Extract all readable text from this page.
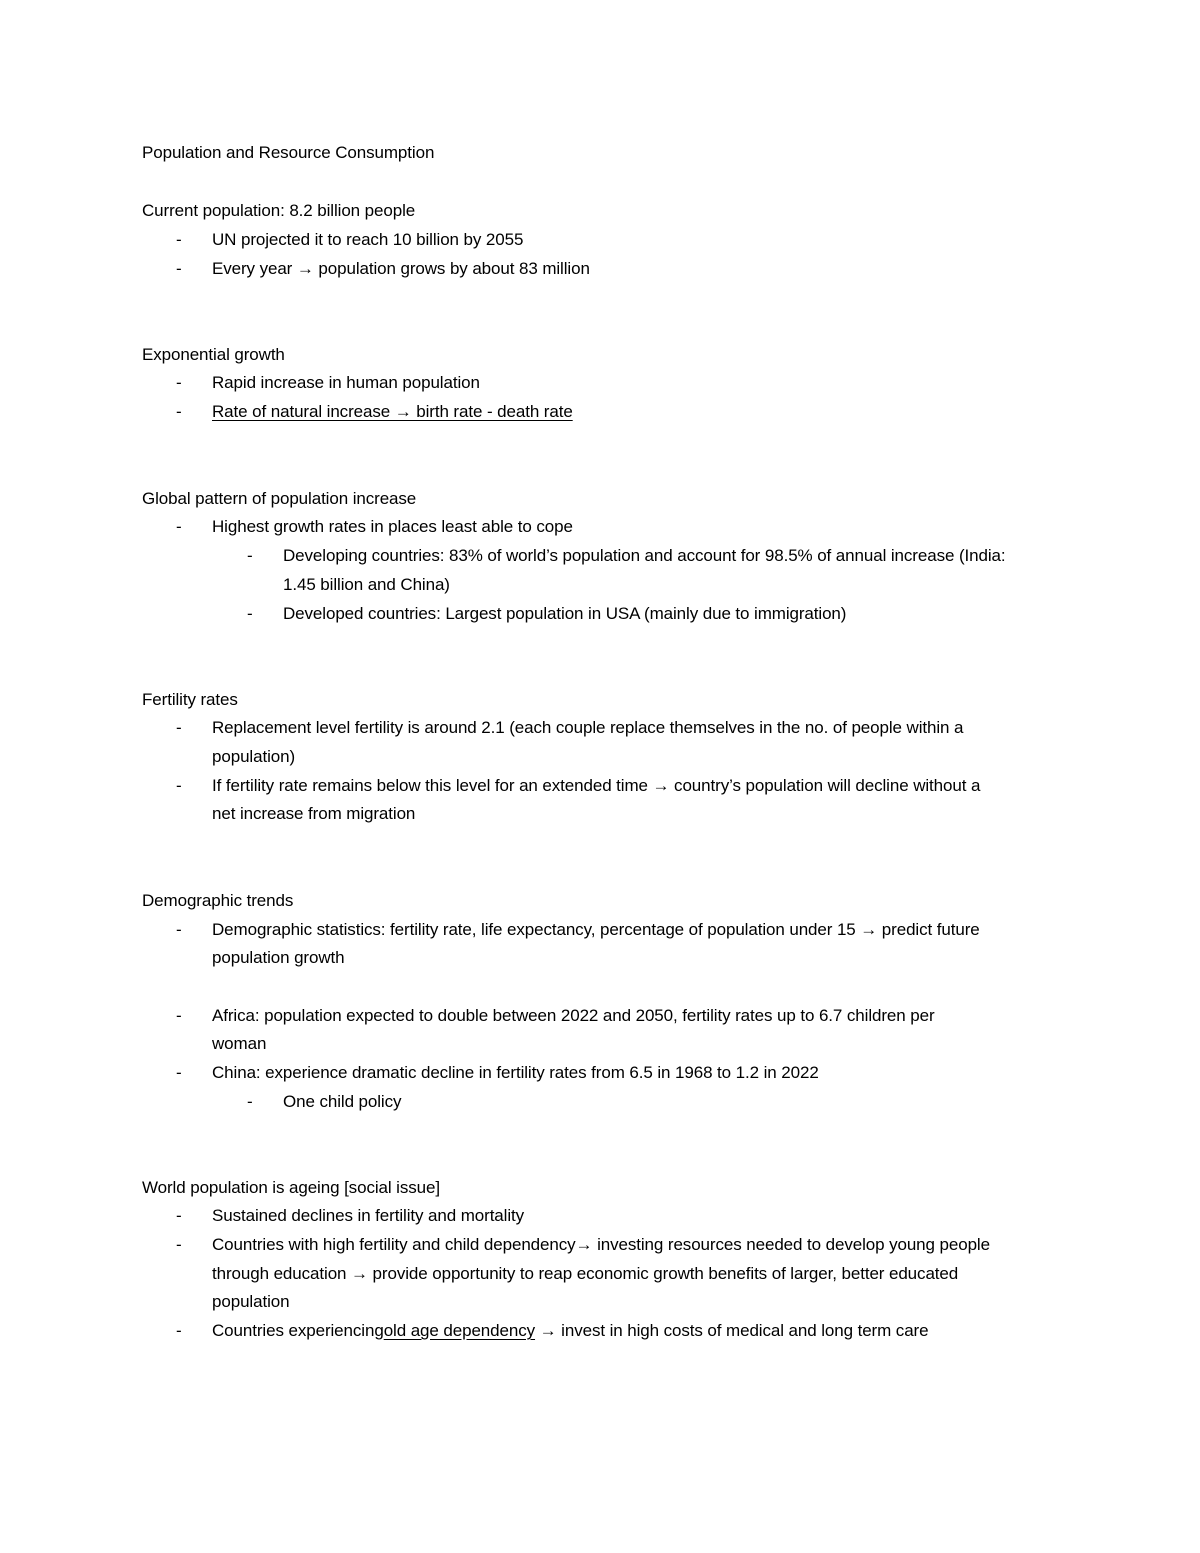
Population and Resource Consumption
Current population: 8.2 billion people
- UN projected it to reach 10 billion by 2055
- Every year → population grows by about 83 million
Exponential growth
- Rapid increase in human population
- Rate of natural increase → birth rate - death rate
Global pattern of population increase
- Highest growth rates in places least able to cope
- Developing countries: 83% of world’s population and account for 98.5% of annual increase (India:
1.45 billion and China)
- Developed countries: Largest population in USA (mainly due to immigration)
Fertility rates
- Replacement level fertility is around 2.1 (each couple replace themselves in the no. of people within a
population)
- If fertility rate remains below this level for an extended time → country’s population will decline without a
net increase from migration
Demographic trends
- Demographic statistics: fertility rate, life expectancy, percentage of population under 15 → predict future
population growth
- Africa: population expected to double between 2022 and 2050, fertility rates up to 6.7 children per
woman
- China: experience dramatic decline in fertility rates from 6.5 in 1968 to 1.2 in 2022
- One child policy
World population is ageing [social issue]
- Sustained declines in fertility and mortality
- Countries with high fertility and child dependency→ investing resources needed to develop young people
through education → provide opportunity to reap economic growth benefits of larger, better educated
population
- Countries experiencingold age dependency → invest in high costs of medical and long term care
